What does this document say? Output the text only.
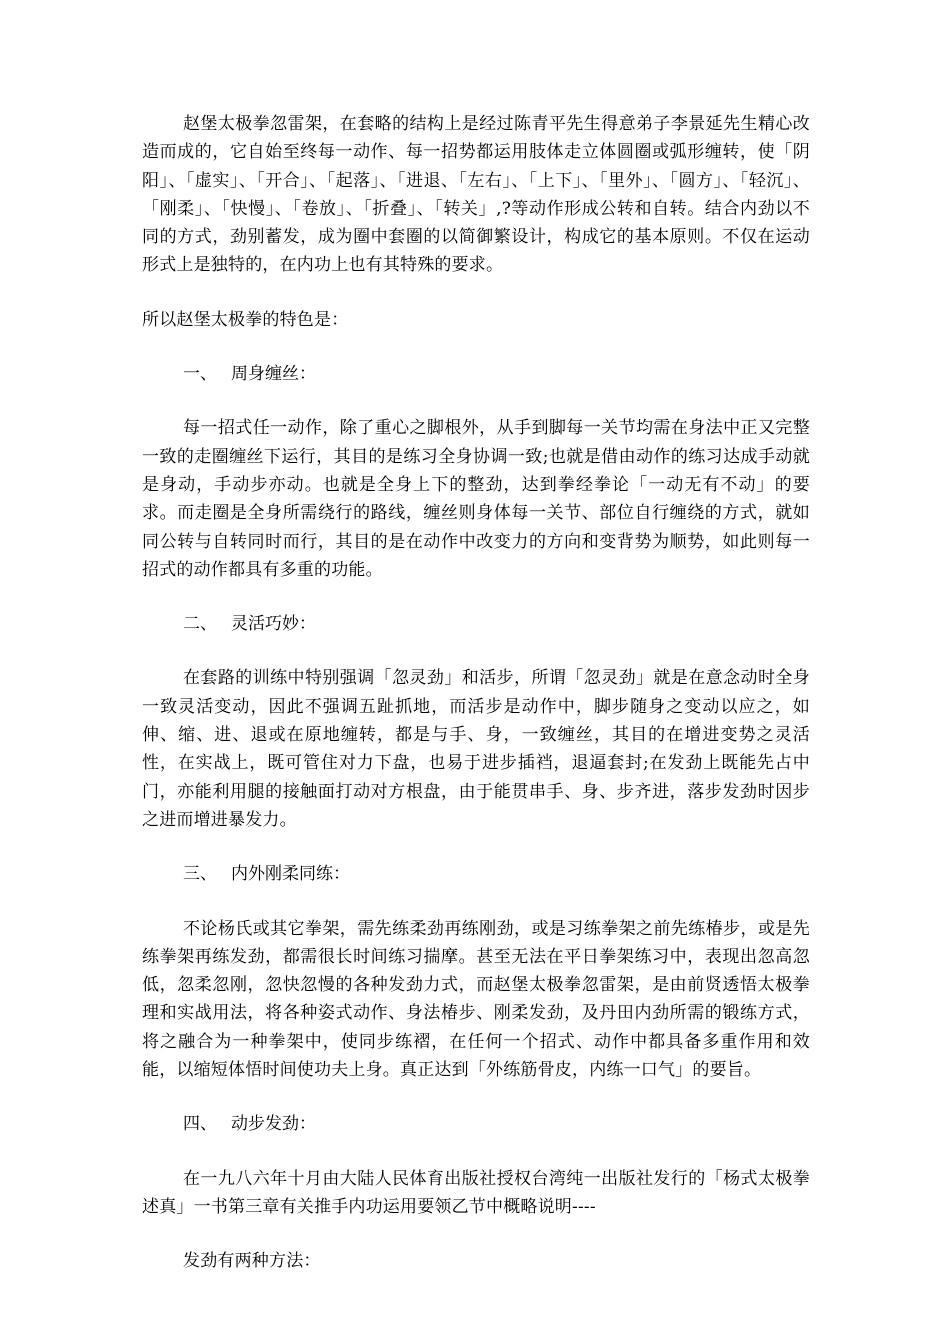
赵堡太极拳忽雷架，在套略的结构上是经过陈青平先生得意弟子李景延先生精心改造而成的，它自始至终每一动作、每一招势都运用肢体走立体圆圈或弧形缠转，使「阴阳」、「虚实」、「开合」、「起落」、「进退、「左右」、「上下」、「里外」、「圆方」、「轻沉」、「刚柔」、「快慢」、「卷放」、「折叠」、「转关」,?等动作形成公转和自转。结合内劲以不同的方式，劲别蓄发，成为圈中套圈的以简御繁设计，构成它的基本原则。不仅在运动形式上是独特的，在内功上也有其特殊的要求。

所以赵堡太极拳的特色是：

一、 周身缠丝：

每一招式任一动作，除了重心之脚根外，从手到脚每一关节均需在身法中正又完整一致的走圈缠丝下运行，其目的是练习全身协调一致;也就是借由动作的练习达成手动就是身动，手动步亦动。也就是全身上下的整劲，达到拳经拳论「一动无有不动」的要求。而走圈是全身所需绕行的路线，缠丝则身体每一关节、部位自行缠绕的方式，就如同公转与自转同时而行，其目的是在动作中改变力的方向和变背势为顺势，如此则每一招式的动作都具有多重的功能。

二、 灵活巧妙：

在套路的训练中特别强调「忽灵劲」和活步，所谓「忽灵劲」就是在意念动时全身一致灵活变动，因此不强调五趾抓地，而活步是动作中，脚步随身之变动以应之，如伸、缩、进、退或在原地缠转，都是与手、身，一致缠丝，其目的在增进变势之灵活性，在实战上，既可管住对力下盘，也易于进步插裆，退逼套封;在发劲上既能先占中门，亦能利用腿的接触面打动对方根盘，由于能贯串手、身、步齐进，落步发劲时因步之进而增进暴发力。

三、 内外刚柔同练：

不论杨氏或其它拳架，需先练柔劲再练刚劲，或是习练拳架之前先练椿步，或是先练拳架再练发劲，都需很长时间练习揣摩。甚至无法在平日拳架练习中，表现出忽高忽低，忽柔忽刚，忽快忽慢的各种发劲力式，而赵堡太极拳忽雷架，是由前贤透悟太极拳理和实战用法，将各种姿式动作、身法椿步、刚柔发劲，及丹田内劲所需的锻练方式，将之融合为一种拳架中，使同步练褶，在任何一个招式、动作中都具备多重作用和效能，以缩短体悟时间使功夫上身。真正达到「外练筋骨皮，内练一口气」的要旨。

四、 动步发劲：

在一九八六年十月由大陆人民体育出版社授权台湾纯一出版社发行的「杨式太极拳述真」一书第三章有关推手内功运用要领乙节中概略说明----

发劲有两种方法：
